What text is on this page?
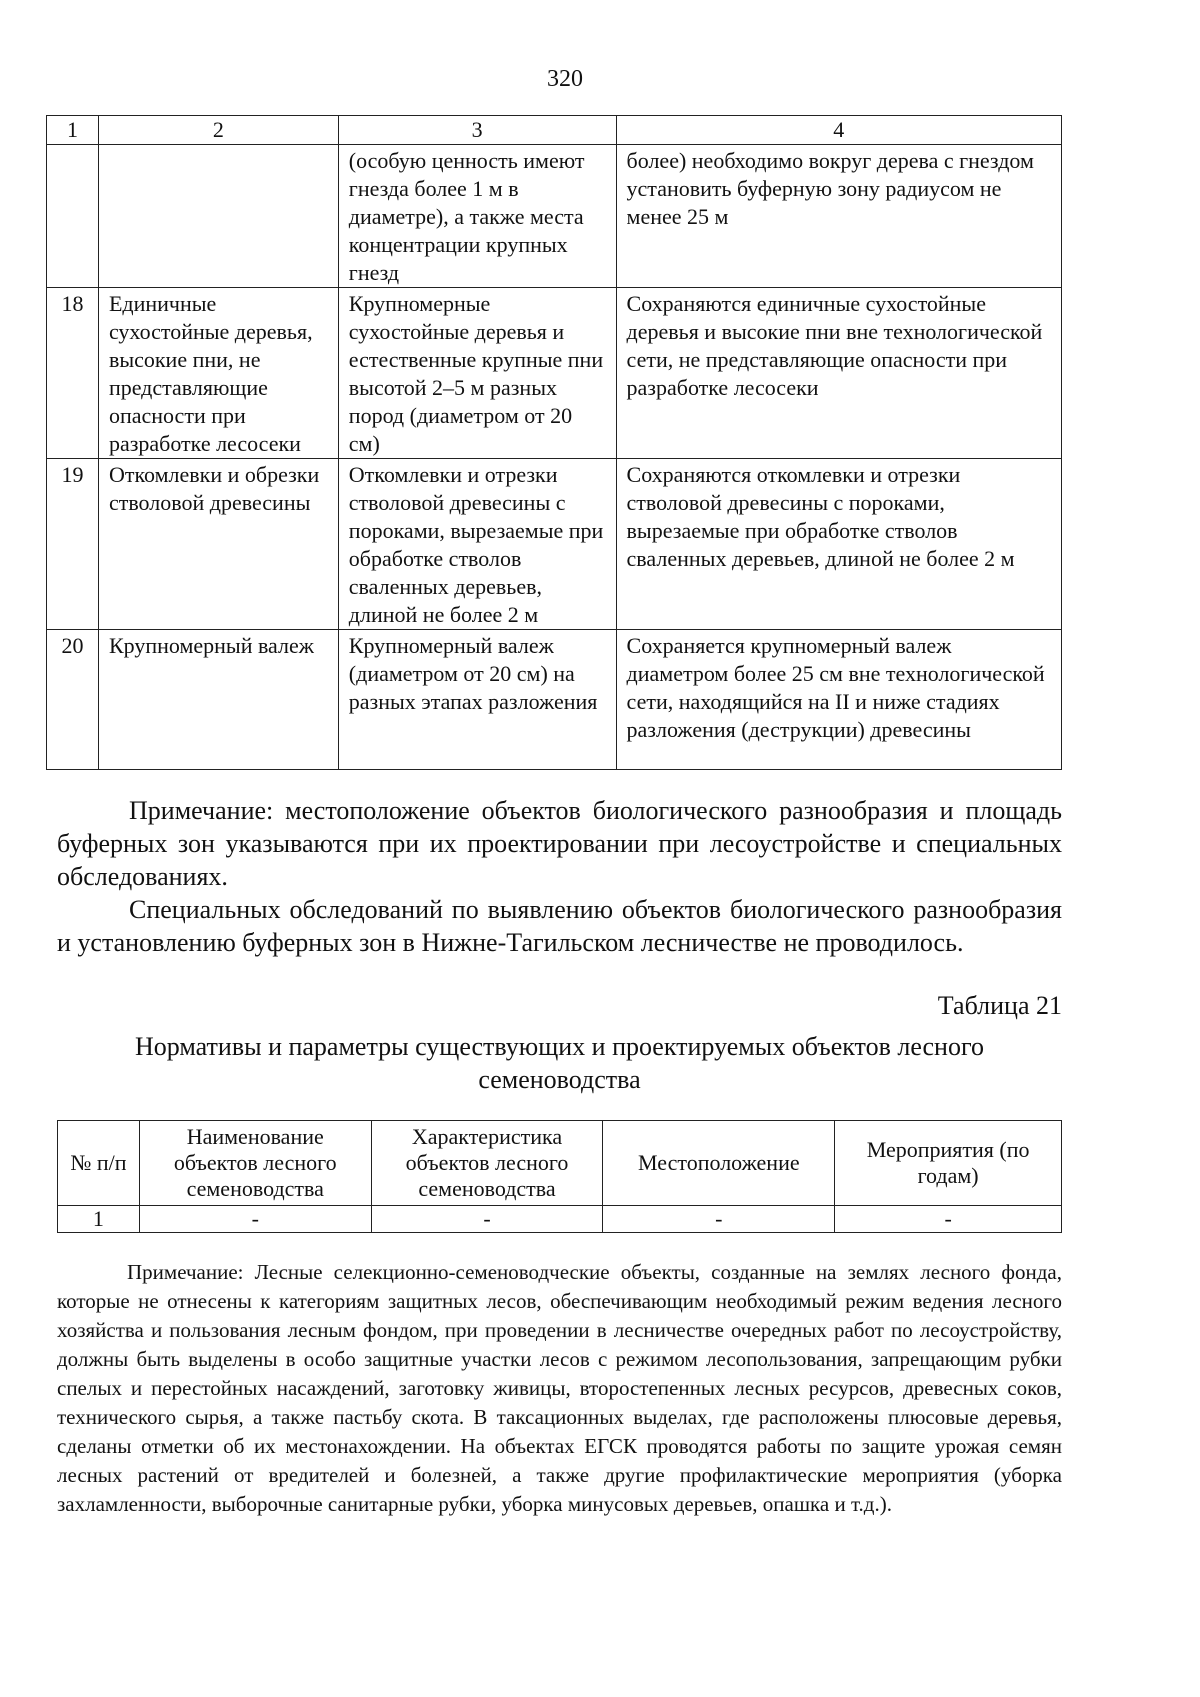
320
1	2	3	4
		(особую ценность имеют гнезда более 1 м в диаметре), а также места концентрации крупных гнезд	более) необходимо вокруг дерева с гнездом установить буферную зону радиусом не менее 25 м
18	Единичные сухостойные деревья, высокие пни, не представляющие опасности при разработке лесосеки	Крупномерные сухостойные деревья и естественные крупные пни высотой 2–5 м разных пород (диаметром от 20 см)	Сохраняются единичные сухостойные деревья и высокие пни вне технологической сети, не представляющие опасности при разработке лесосеки
19	Откомлевки и обрезки стволовой древесины	Откомлевки и отрезки стволовой древесины с пороками, вырезаемые при обработке стволов сваленных деревьев, длиной не более 2 м	Сохраняются откомлевки и отрезки стволовой древесины с пороками, вырезаемые при обработке стволов сваленных деревьев, длиной не более 2 м
20	Крупномерный валеж	Крупномерный валеж (диаметром от 20 см) на разных этапах разложения	Сохраняется крупномерный валеж диаметром более 25 см вне технологической сети, находящийся на II и ниже стадиях разложения (деструкции) древесины

Примечание: местоположение объектов биологического разнообразия и площадь буферных зон указываются при их проектировании при лесоустройстве и специальных обследованиях.

Специальных обследований по выявлению объектов биологического разнообразия и установлению буферных зон в Нижне-Тагильском лесничестве не проводилось.

Таблица 21
Нормативы и параметры существующих и проектируемых объектов лесного семеноводства
№ п/п	Наименование объектов лесного семеноводства	Характеристика объектов лесного семеноводства	Местоположение	Мероприятия (по годам)
1	-	-	-	-

Примечание: Лесные селекционно-семеноводческие объекты, созданные на землях лесного фонда, которые не отнесены к категориям защитных лесов, обеспечивающим необходимый режим ведения лесного хозяйства и пользования лесным фондом, при проведении в лесничестве очередных работ по лесоустройству, должны быть выделены в особо защитные участки лесов с режимом лесопользования, запрещающим рубки спелых и перестойных насаждений, заготовку живицы, второстепенных лесных ресурсов, древесных соков, технического сырья, а также пастьбу скота. В таксационных выделах, где расположены плюсовые деревья, сделаны отметки об их местонахождении. На объектах ЕГСК проводятся работы по защите урожая семян лесных растений от вредителей и болезней, а также другие профилактические мероприятия (уборка захламленности, выборочные санитарные рубки, уборка минусовых деревьев, опашка и т.д.).
